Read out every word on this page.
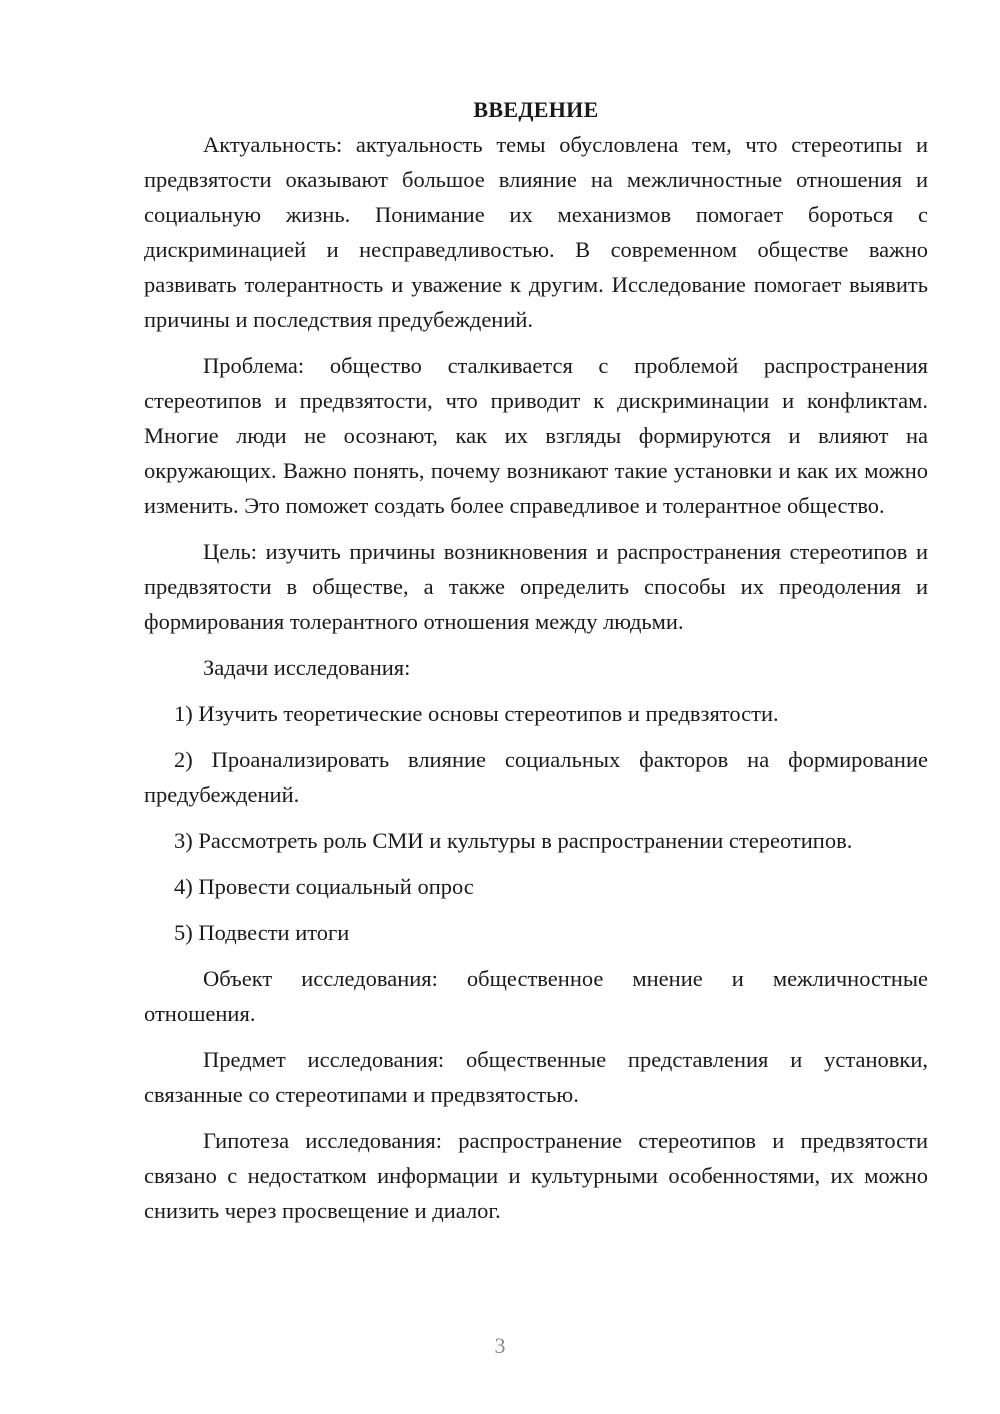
ВВЕДЕНИЕ

Актуальность: актуальность темы обусловлена тем, что стереотипы и предвзятости оказывают большое влияние на межличностные отношения и социальную жизнь. Понимание их механизмов помогает бороться с дискриминацией и несправедливостью. В современном обществе важно развивать толерантность и уважение к другим. Исследование помогает выявить причины и последствия предубеждений.

Проблема: общество сталкивается с проблемой распространения стереотипов и предвзятости, что приводит к дискриминации и конфликтам. Многие люди не осознают, как их взгляды формируются и влияют на окружающих. Важно понять, почему возникают такие установки и как их можно изменить. Это поможет создать более справедливое и толерантное общество.

Цель: изучить причины возникновения и распространения стереотипов и предвзятости в обществе, а также определить способы их преодоления и формирования толерантного отношения между людьми.

Задачи исследования:

1) Изучить теоретические основы стереотипов и предвзятости.

2) Проанализировать влияние социальных факторов на формирование предубеждений.

3) Рассмотреть роль СМИ и культуры в распространении стереотипов.

4) Провести социальный опрос

5) Подвести итоги

Объект исследования: общественное мнение и межличностные отношения.

Предмет исследования: общественные представления и установки, связанные со стереотипами и предвзятостью.

Гипотеза исследования: распространение стереотипов и предвзятости связано с недостатком информации и культурными особенностями, их можно снизить через просвещение и диалог.

3
